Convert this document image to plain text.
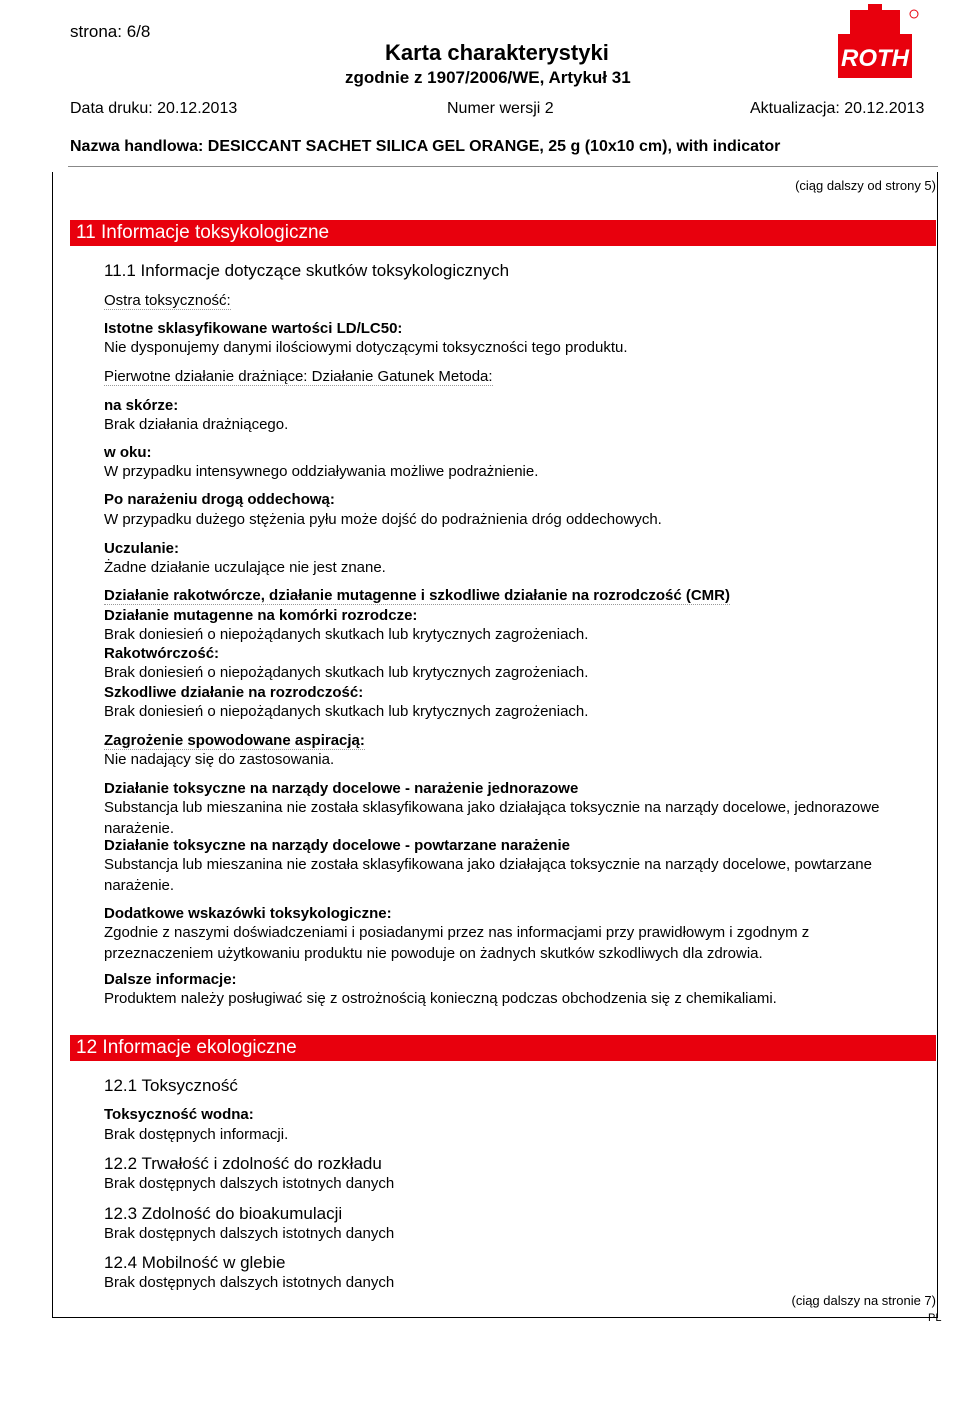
strona: 6/8
Karta charakterystyki
zgodnie z 1907/2006/WE, Artykuł 31
ROTH
Data druku: 20.12.2013	Numer wersji 2	Aktualizacja: 20.12.2013
Nazwa handlowa: DESICCANT SACHET SILICA GEL ORANGE, 25 g (10x10 cm), with indicator
(ciąg dalszy od strony 5)
11 Informacje toksykologiczne
11.1 Informacje dotyczące skutków toksykologicznych
Ostra toksyczność:
Istotne sklasyfikowane wartości LD/LC50:
Nie dysponujemy danymi ilościowymi dotyczącymi toksyczności tego produktu.
Pierwotne działanie drażniące: Działanie Gatunek Metoda:
na skórze:
Brak działania drażniącego.
w oku:
W przypadku intensywnego oddziaływania możliwe podrażnienie.
Po narażeniu drogą oddechową:
W przypadku dużego stężenia pyłu może dojść do podrażnienia dróg oddechowych.
Uczulanie:
Żadne działanie uczulające nie jest znane.
Działanie rakotwórcze, działanie mutagenne i szkodliwe działanie na rozrodczość (CMR)
Działanie mutagenne na komórki rozrodcze:
Brak doniesień o niepożądanych skutkach lub krytycznych zagrożeniach.
Rakotwórczość:
Brak doniesień o niepożądanych skutkach lub krytycznych zagrożeniach.
Szkodliwe działanie na rozrodczość:
Brak doniesień o niepożądanych skutkach lub krytycznych zagrożeniach.
Zagrożenie spowodowane aspiracją:
Nie nadający się do zastosowania.
Działanie toksyczne na narządy docelowe - narażenie jednorazowe
Substancja lub mieszanina nie została sklasyfikowana jako działająca toksycznie na narządy docelowe, jednorazowe narażenie.
Działanie toksyczne na narządy docelowe - powtarzane narażenie
Substancja lub mieszanina nie została sklasyfikowana jako działająca toksycznie na narządy docelowe, powtarzane narażenie.
Dodatkowe wskazówki toksykologiczne:
Zgodnie z naszymi doświadczeniami i posiadanymi przez nas informacjami przy prawidłowym i zgodnym z przeznaczeniem użytkowaniu produktu nie powoduje on żadnych skutków szkodliwych dla zdrowia.
Dalsze informacje:
Produktem należy posługiwać się z ostrożnością konieczną podczas obchodzenia się z chemikaliami.
12 Informacje ekologiczne
12.1 Toksyczność
Toksyczność wodna:
Brak dostępnych informacji.
12.2 Trwałość i zdolność do rozkładu
Brak dostępnych dalszych istotnych danych
12.3 Zdolność do bioakumulacji
Brak dostępnych dalszych istotnych danych
12.4 Mobilność w glebie
Brak dostępnych dalszych istotnych danych
(ciąg dalszy na stronie 7)
PL
